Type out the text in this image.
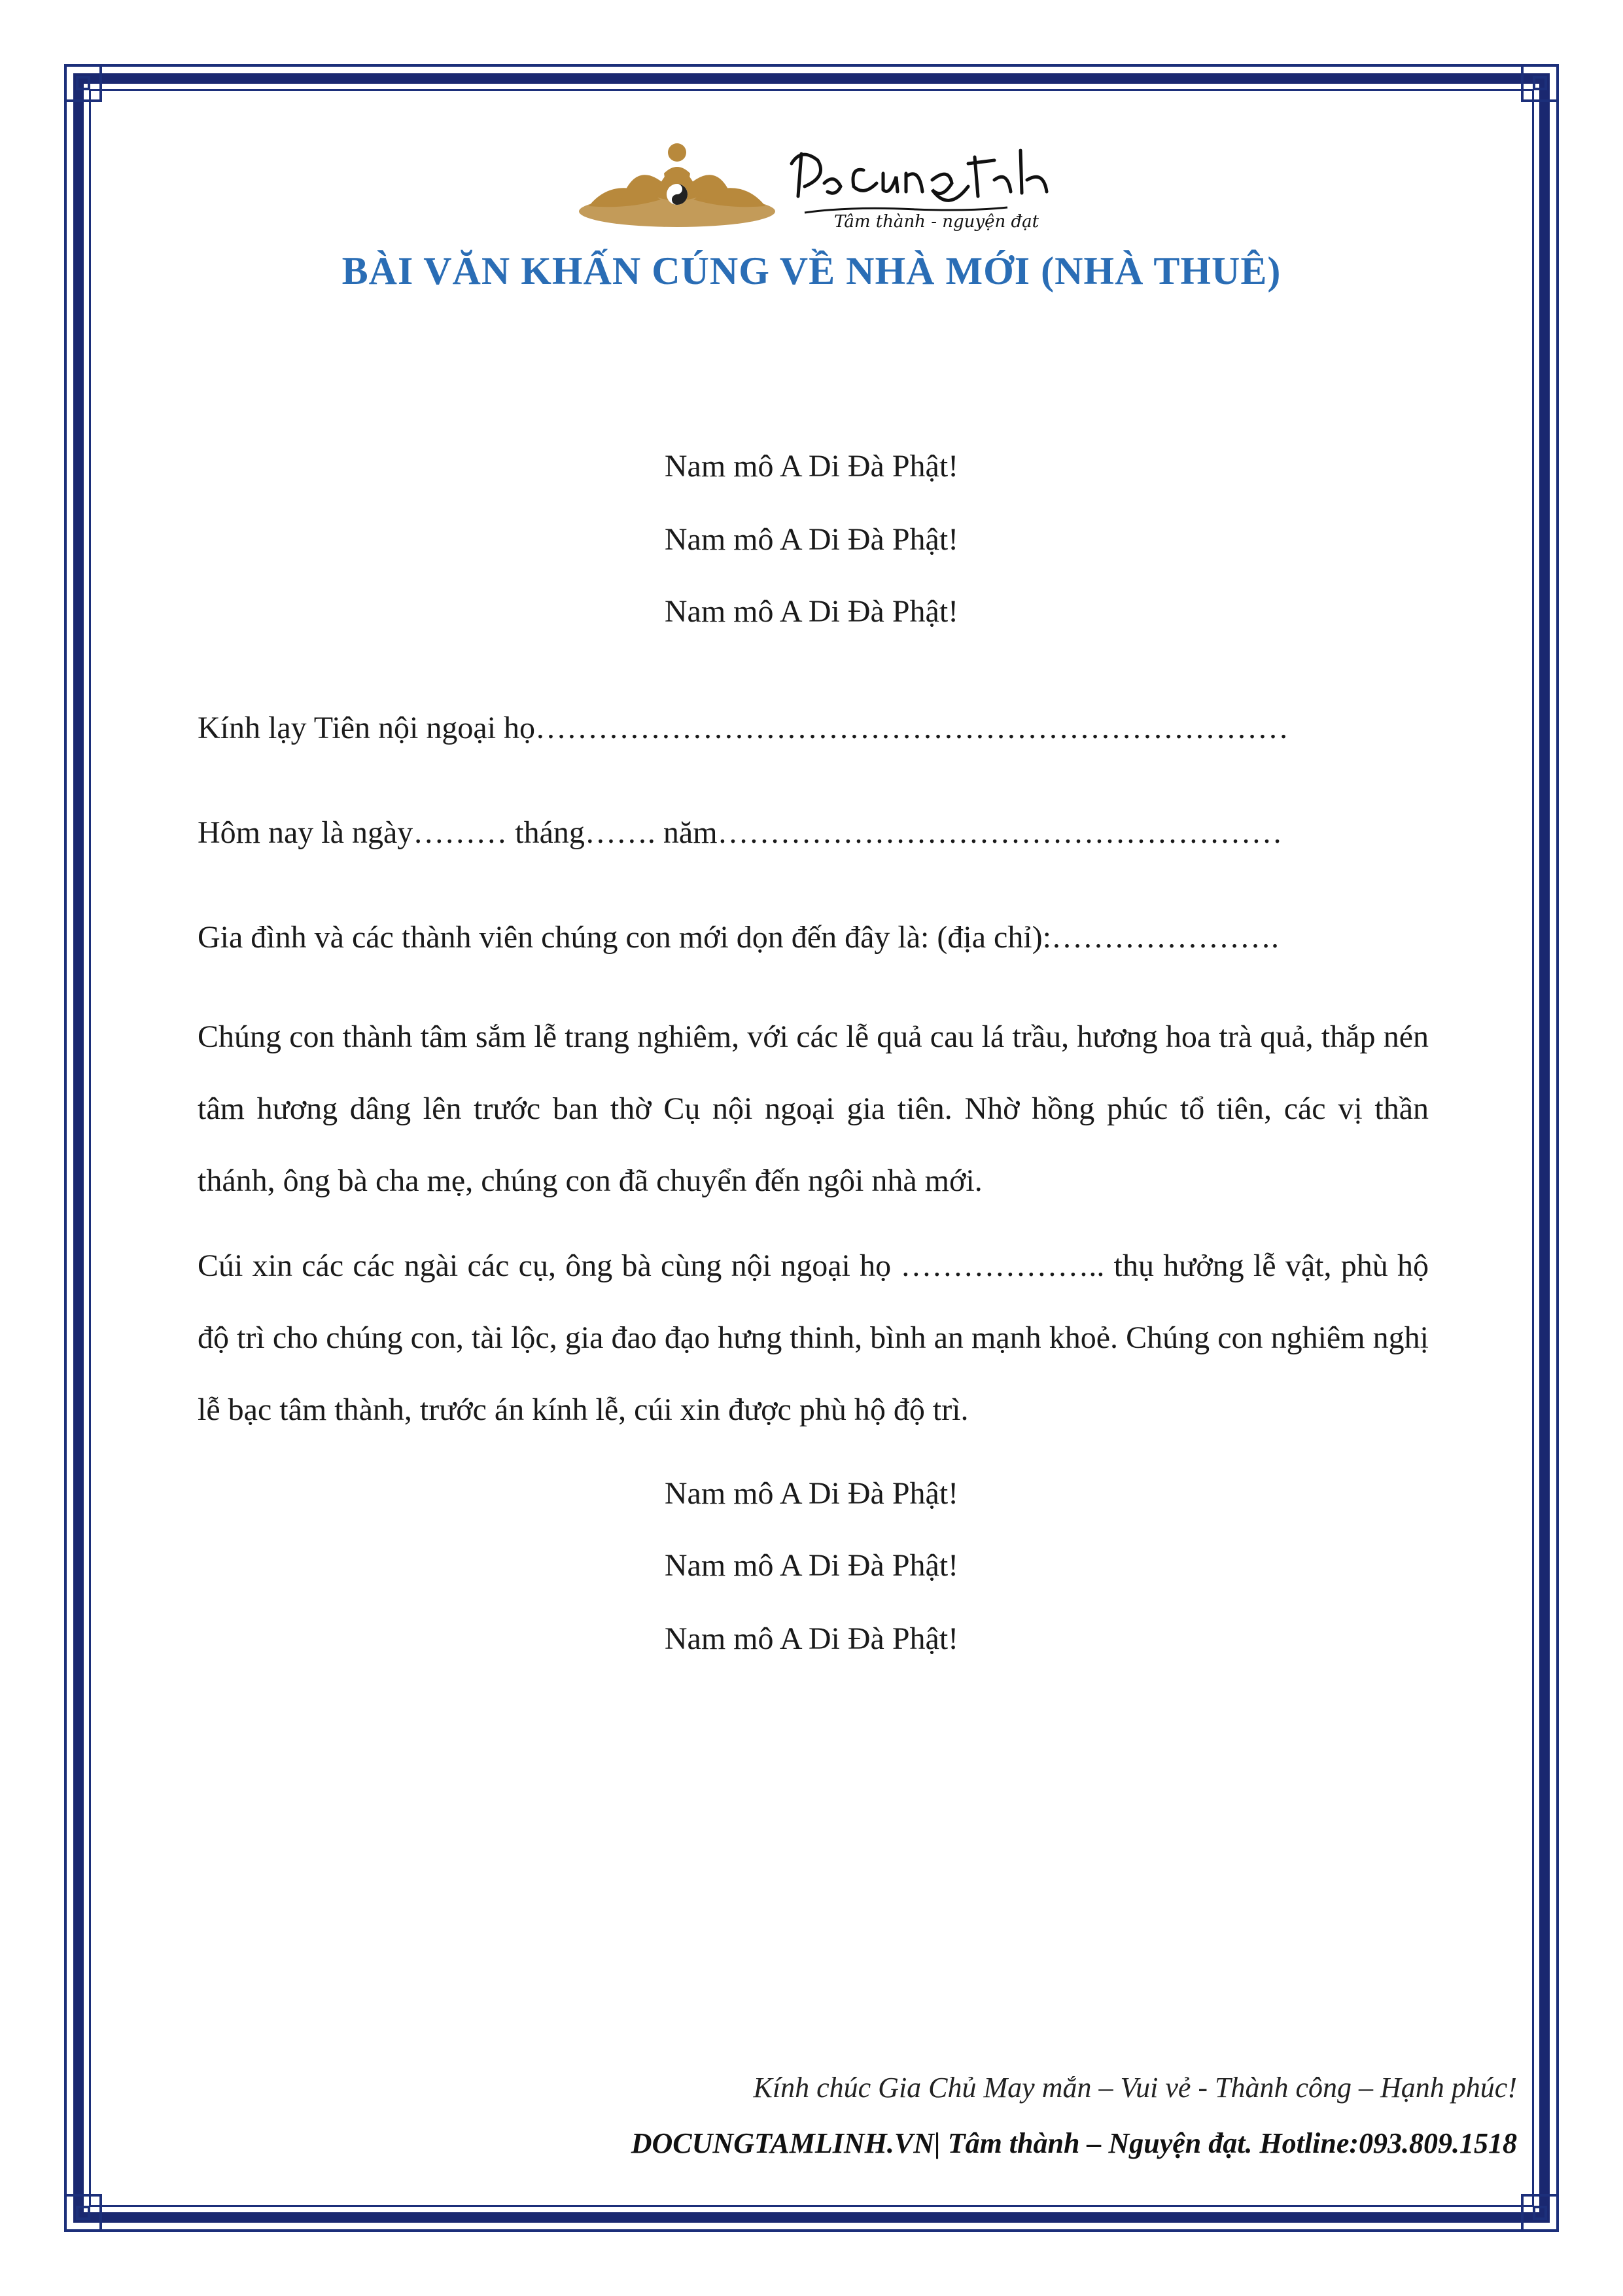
Tâm thành - nguyện đạt
BÀI VĂN KHẤN CÚNG VỀ NHÀ MỚI (NHÀ THUÊ)
Nam mô A Di Đà Phật!
Nam mô A Di Đà Phật!
Nam mô A Di Đà Phật!
Kính lạy Tiên nội ngoại họ………………………………………………………………
Hôm nay là ngày……… tháng……. năm………………………………………………
Gia đình và các thành viên chúng con mới dọn đến đây là: (địa chỉ):………………….

Chúng con thành tâm sắm lễ trang nghiêm, với các lễ quả cau lá trầu, hương hoa trà quả, thắp nén tâm hương dâng lên trước ban thờ Cụ nội ngoại gia tiên. Nhờ hồng phúc tổ tiên, các vị thần thánh, ông bà cha mẹ, chúng con đã chuyển đến ngôi nhà mới.

Cúi xin các các ngài các cụ, ông bà cùng nội ngoại họ ……………….. thụ hưởng lễ vật, phù hộ độ trì cho chúng con, tài lộc, gia đao đạo hưng thinh, bình an mạnh khoẻ. Chúng con nghiêm nghị lễ bạc tâm thành, trước án kính lễ, cúi xin được phù hộ độ trì.

Nam mô A Di Đà Phật!
Nam mô A Di Đà Phật!
Nam mô A Di Đà Phật!
Kính chúc Gia Chủ May mắn – Vui vẻ - Thành công – Hạnh phúc!
DOCUNGTAMLINH.VN| Tâm thành – Nguyện đạt. Hotline:093.809.1518
